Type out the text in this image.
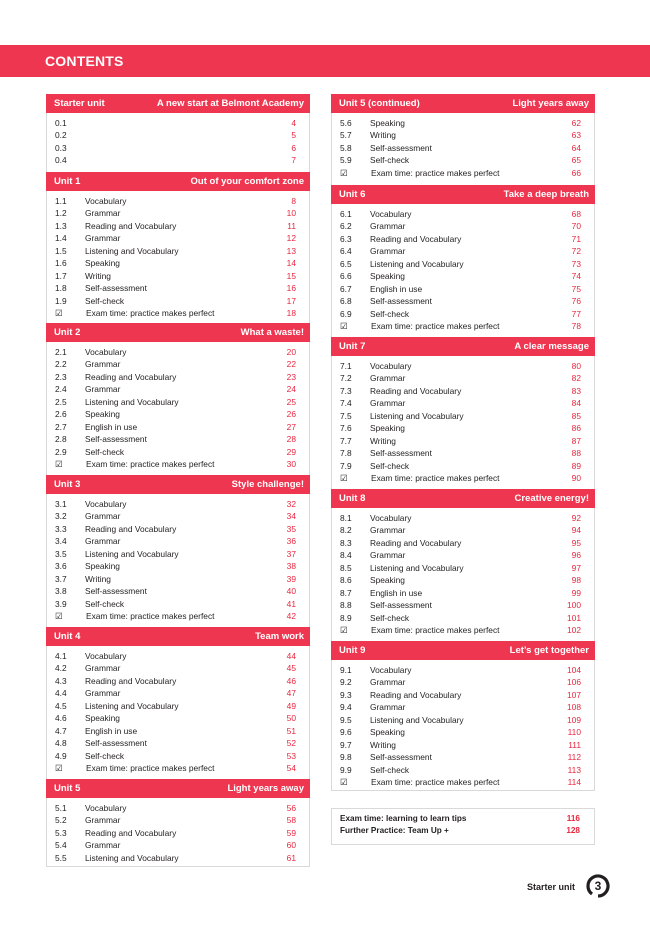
CONTENTS
Starter unit	A new start at Belmont Academy
0.1	4
0.2	5
0.3	6
0.4	7
Unit 1	Out of your comfort zone
1.1 Vocabulary	8
1.2 Grammar	10
1.3 Reading and Vocabulary	11
1.4 Grammar	12
1.5 Listening and Vocabulary	13
1.6 Speaking	14
1.7 Writing	15
1.8 Self-assessment	16
1.9 Self-check	17
☑	Exam time: practice makes perfect	18
Unit 2	What a waste!
2.1 Vocabulary	20
2.2 Grammar	22
2.3 Reading and Vocabulary	23
2.4 Grammar	24
2.5 Listening and Vocabulary	25
2.6 Speaking	26
2.7 English in use	27
2.8 Self-assessment	28
2.9 Self-check	29
☑	Exam time: practice makes perfect	30
Unit 3	Style challenge!
3.1 Vocabulary	32
3.2 Grammar	34
3.3 Reading and Vocabulary	35
3.4 Grammar	36
3.5 Listening and Vocabulary	37
3.6 Speaking	38
3.7 Writing	39
3.8 Self-assessment	40
3.9 Self-check	41
☑	Exam time: practice makes perfect	42
Unit 4	Team work
4.1 Vocabulary	44
4.2 Grammar	45
4.3 Reading and Vocabulary	46
4.4 Grammar	47
4.5 Listening and Vocabulary	49
4.6 Speaking	50
4.7 English in use	51
4.8 Self-assessment	52
4.9 Self-check	53
☑	Exam time: practice makes perfect	54
Unit 5	Light years away
5.1 Vocabulary	56
5.2 Grammar	58
5.3 Reading and Vocabulary	59
5.4 Grammar	60
5.5 Listening and Vocabulary	61
Unit 5 (continued)	Light years away
5.6 Speaking	62
5.7 Writing	63
5.8 Self-assessment	64
5.9 Self-check	65
☑	Exam time: practice makes perfect	66
Unit 6	Take a deep breath
6.1 Vocabulary	68
6.2 Grammar	70
6.3 Reading and Vocabulary	71
6.4 Grammar	72
6.5 Listening and Vocabulary	73
6.6 Speaking	74
6.7 English in use	75
6.8 Self-assessment	76
6.9 Self-check	77
☑	Exam time: practice makes perfect	78
Unit 7	A clear message
7.1 Vocabulary	80
7.2 Grammar	82
7.3 Reading and Vocabulary	83
7.4 Grammar	84
7.5 Listening and Vocabulary	85
7.6 Speaking	86
7.7 Writing	87
7.8 Self-assessment	88
7.9 Self-check	89
☑	Exam time: practice makes perfect	90
Unit 8	Creative energy!
8.1 Vocabulary	92
8.2 Grammar	94
8.3 Reading and Vocabulary	95
8.4 Grammar	96
8.5 Listening and Vocabulary	97
8.6 Speaking	98
8.7 English in use	99
8.8 Self-assessment	100
8.9 Self-check	101
☑	Exam time: practice makes perfect	102
Unit 9	Let’s get together
9.1 Vocabulary	104
9.2 Grammar	106
9.3 Reading and Vocabulary	107
9.4 Grammar	108
9.5 Listening and Vocabulary	109
9.6 Speaking	110
9.7 Writing	111
9.8 Self-assessment	112
9.9 Self-check	113
☑	Exam time: practice makes perfect	114
Exam time: learning to learn tips	116
Further Practice: Team Up +	128
Starter unit	3
